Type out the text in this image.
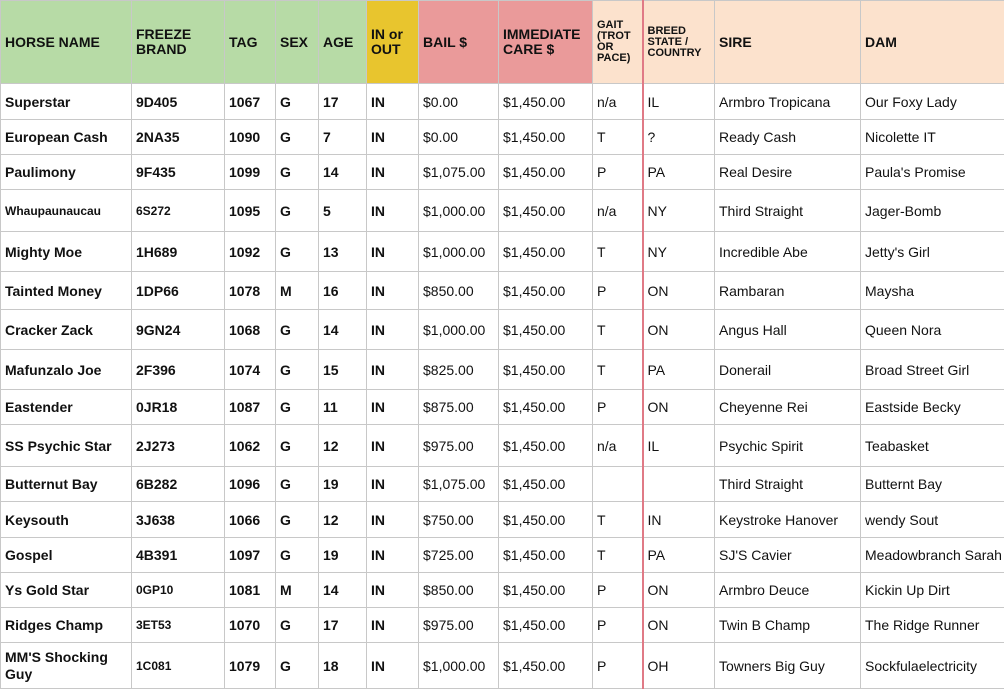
HORSE NAME	FREEZE BRAND	TAG	SEX	AGE	IN or OUT	BAIL $	IMMEDIATE CARE $	GAIT (TROT OR PACE)	BREED STATE / COUNTRY	SIRE	DAM
Superstar	9D405	1067	G	17	IN	$0.00	$1,450.00	n/a	IL	Armbro Tropicana	Our Foxy Lady
European Cash	2NA35	1090	G	7	IN	$0.00	$1,450.00	T	?	Ready Cash	Nicolette IT
Paulimony	9F435	1099	G	14	IN	$1,075.00	$1,450.00	P	PA	Real Desire	Paula's Promise
Whaupaunaucau	6S272	1095	G	5	IN	$1,000.00	$1,450.00	n/a	NY	Third Straight	Jager-Bomb
Mighty Moe	1H689	1092	G	13	IN	$1,000.00	$1,450.00	T	NY	Incredible Abe	Jetty's Girl
Tainted Money	1DP66	1078	M	16	IN	$850.00	$1,450.00	P	ON	Rambaran	Maysha
Cracker Zack	9GN24	1068	G	14	IN	$1,000.00	$1,450.00	T	ON	Angus Hall	Queen Nora
Mafunzalo Joe	2F396	1074	G	15	IN	$825.00	$1,450.00	T	PA	Donerail	Broad Street Girl
Eastender	0JR18	1087	G	11	IN	$875.00	$1,450.00	P	ON	Cheyenne Rei	Eastside Becky
SS Psychic Star	2J273	1062	G	12	IN	$975.00	$1,450.00	n/a	IL	Psychic Spirit	Teabasket
Butternut Bay	6B282	1096	G	19	IN	$1,075.00	$1,450.00			Third Straight	Butternt Bay
Keysouth	3J638	1066	G	12	IN	$750.00	$1,450.00	T	IN	Keystroke Hanover	wendy Sout
Gospel	4B391	1097	G	19	IN	$725.00	$1,450.00	T	PA	SJ'S Cavier	Meadowbranch Sarah
Ys Gold Star	0GP10	1081	M	14	IN	$850.00	$1,450.00	P	ON	Armbro Deuce	Kickin Up Dirt
Ridges Champ	3ET53	1070	G	17	IN	$975.00	$1,450.00	P	ON	Twin B Champ	The Ridge Runner
MM'S Shocking Guy	1C081	1079	G	18	IN	$1,000.00	$1,450.00	P	OH	Towners Big Guy	Sockfulaelectricity
